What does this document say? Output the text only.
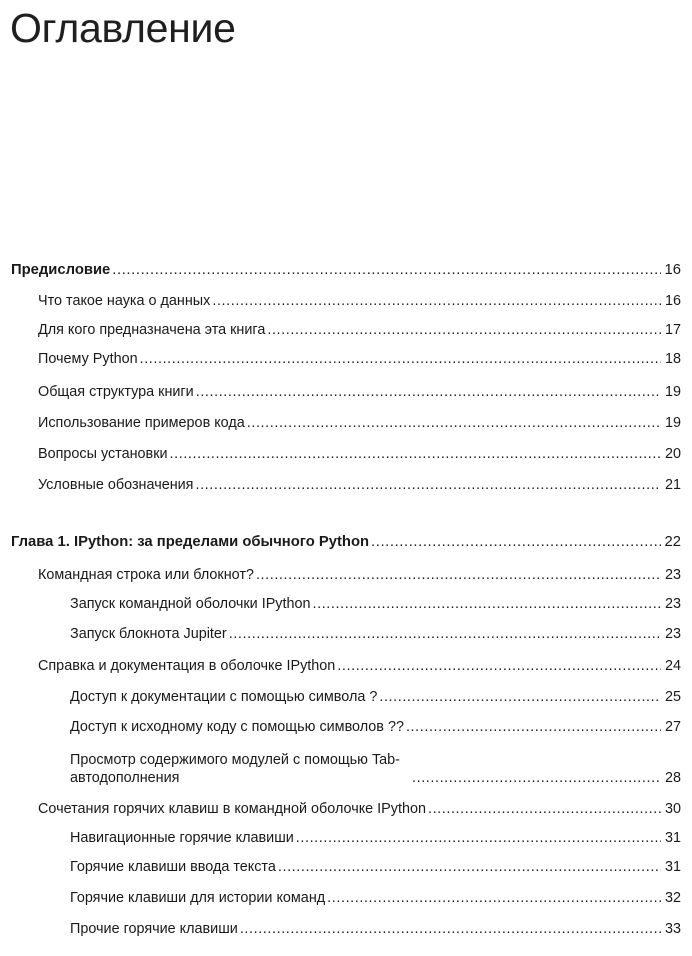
Оглавление
Предисловие .....	16
Что такое наука о данных .....	16
Для кого предназначена эта книга .....	17
Почему Python .....	18
Общая структура книги .....	19
Использование примеров кода .....	19
Вопросы установки .....	20
Условные обозначения .....	21
Глава 1. IPython: за пределами обычного Python .....	22
Командная строка или блокнот? .....	23
Запуск командной оболочки IPython .....	23
Запуск блокнота Jupiter .....	23
Справка и документация в оболочке IPython .....	24
Доступ к документации с помощью символа ? .....	25
Доступ к исходному коду с помощью символов ?? .....	27
Просмотр содержимого модулей с помощью Tab-автодополнения .....	28
Сочетания горячих клавиш в командной оболочке IPython .....	30
Навигационные горячие клавиши .....	31
Горячие клавиши ввода текста .....	31
Горячие клавиши для истории команд .....	32
Прочие горячие клавиши .....	33
